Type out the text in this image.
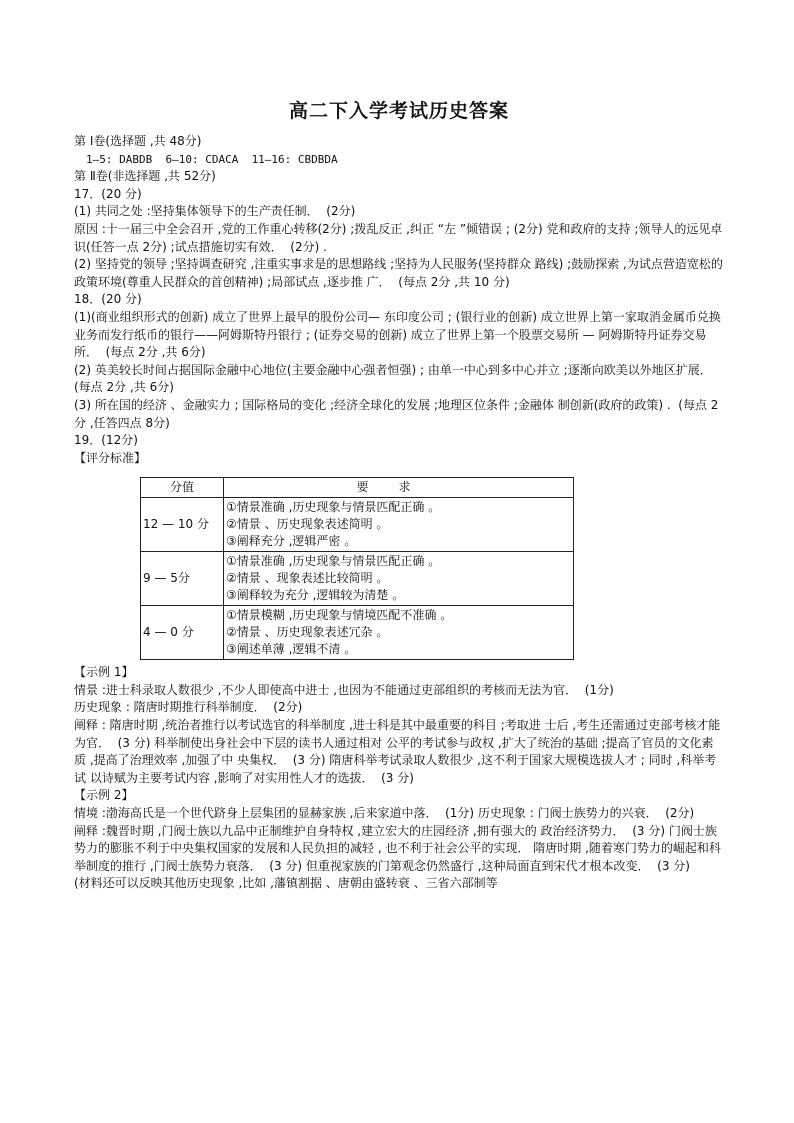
高二下入学考试历史答案
第 Ⅰ卷(选择题 ,共 48分)
1—5: DABDB  6—10: CDACA  11—16: CBDBDA
第 Ⅱ卷(非选择题 ,共 52分)
17．(20 分)
(1) 共同之处 :坚持集体领导下的生产责任制．  (2分)
原因 :十一届三中全会召开 ,党的工作重心转移(2分) ;拨乱反正 ,纠正 “左 ”倾错误 ; (2分) 党和政府的支持 ;领导人的远见卓识(任答一点 2分) ;试点措施切实有效．  (2分) .
(2) 坚持党的领导 ;坚持调查研究 ,注重实事求是的思想路线 ;坚持为人民服务(坚持群众 路线) ;鼓励探索 ,为试点营造宽松的政策环境(尊重人民群众的首创精神) ;局部试点 ,逐步推 广．  (每点 2分 ,共 10 分)
18．(20 分)
(1)(商业组织形式的创新) 成立了世界上最早的股份公司— 东印度公司 ; (银行业的创新) 成立世界上第一家取消金属币兑换业务而发行纸币的银行——阿姆斯特丹银行 ; (证券交易的创新) 成立了世界上第一个股票交易所 — 阿姆斯特丹证券交易所．  (每点 2分 ,共 6分)
(2) 英美较长时间占据国际金融中心地位(主要金融中心强者恒强) ; 由单一中心到多中心并立 ;逐渐向欧美以外地区扩展．  (每点 2分 ,共 6分)
(3) 所在国的经济 、金融实力 ; 国际格局的变化 ;经济全球化的发展 ;地理区位条件 ;金融体 制创新(政府的政策) .  (每点 2分 ,任答四点 8分)
19．(12分)
【评分标准】
分值	要求
12 — 10 分	①情景准确 ,历史现象与情景匹配正确 。
②情景 、历史现象表述简明 。
③阐释充分 ,逻辑严密 。

9 — 5分	①情景准确 ,历史现象与情景匹配正确 。
②情景 、现象表述比较简明 。
③阐释较为充分 ,逻辑较为清楚 。

4 — 0 分	①情景模糊 ,历史现象与情境匹配不准确 。
②情景 、历史现象表述冗杂 。
③阐述单薄 ,逻辑不清 。
【示例 1】
情景 :进士科录取人数很少 ,不少人即使高中进士 ,也因为不能通过吏部组织的考核而无法为官．  (1分)
历史现象 : 隋唐时期推行科举制度．  (2分)
阐释 : 隋唐时期 ,统治者推行以考试选官的科举制度 ,进士科是其中最重要的科目 ;考取进 士后 ,考生还需通过吏部考核才能为官．  (3 分) 科举制使出身社会中下层的读书人通过相对 公平的考试参与政权 ,扩大了统治的基础 ;提高了官员的文化素质 ,提高了治理效率 ,加强了中 央集权．  (3 分) 隋唐科举考试录取人数很少 ,这不利于国家大规模选拔人才 ; 同时 ,科举考试 以诗赋为主要考试内容 ,影响了对实用性人才的选拔．  (3 分)
【示例 2】
情境 :渤海高氏是一个世代跻身上层集团的显赫家族 ,后来家道中落．  (1分) 历史现象 : 门阀士族势力的兴衰．  (2分)
阐释 :魏晋时期 ,门阀士族以九品中正制维护自身特权 ,建立宏大的庄园经济 ,拥有强大的 政治经济势力．  (3 分) 门阀士族势力的膨胀不利于中央集权国家的发展和人民负担的减轻 , 也不利于社会公平的实现． 隋唐时期 ,随着寒门势力的崛起和科举制度的推行 ,门阀士族势力衰落．  (3 分) 但重视家族的门第观念仍然盛行 ,这种局面直到宋代才根本改变．  (3 分)
(材料还可以反映其他历史现象 ,比如 ,藩镇割据 、唐朝由盛转衰 、三省六部制等
